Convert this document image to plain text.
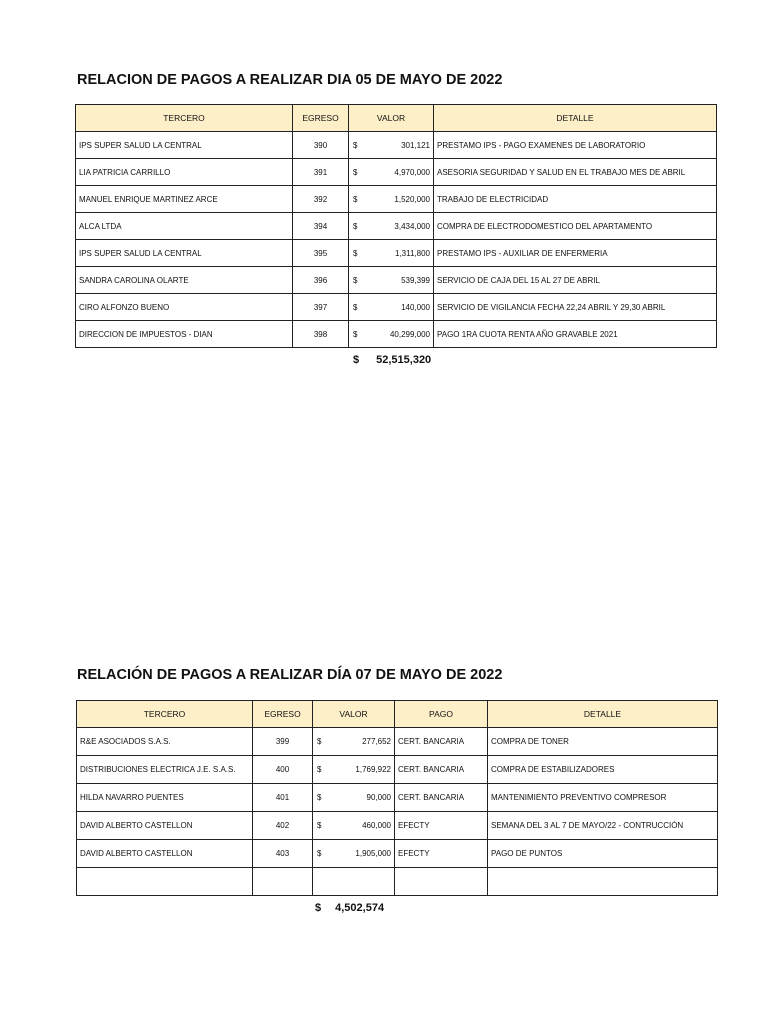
RELACION DE PAGOS A REALIZAR DIA 05 DE MAYO DE 2022
TERCERO	EGRESO	VALOR	DETALLE
IPS SUPER SALUD LA CENTRAL	390	$ 301,121	PRESTAMO IPS - PAGO EXAMENES DE LABORATORIO
LIA PATRICIA CARRILLO	391	$ 4,970,000	ASESORIA SEGURIDAD Y SALUD EN EL TRABAJO MES DE ABRIL
MANUEL ENRIQUE MARTINEZ ARCE	392	$ 1,520,000	TRABAJO DE ELECTRICIDAD
ALCA LTDA	394	$ 3,434,000	COMPRA DE ELECTRODOMESTICO DEL APARTAMENTO
IPS SUPER SALUD LA CENTRAL	395	$ 1,311,800	PRESTAMO IPS - AUXILIAR DE ENFERMERIA
SANDRA CAROLINA OLARTE	396	$ 539,399	SERVICIO DE CAJA DEL 15 AL 27 DE ABRIL
CIRO ALFONZO BUENO	397	$ 140,000	SERVICIO DE VIGILANCIA FECHA 22,24 ABRIL Y 29,30 ABRIL
DIRECCION DE IMPUESTOS - DIAN	398	$ 40,299,000	PAGO 1RA CUOTA RENTA AÑO GRAVABLE 2021
$ 52,515,320
RELACIÓN DE PAGOS A REALIZAR DÍA 07 DE MAYO DE 2022
TERCERO	EGRESO	VALOR	PAGO	DETALLE
R&E ASOCIADOS S.A.S.	399	$ 277,652	CERT. BANCARIA	COMPRA DE TONER
DISTRIBUCIONES ELECTRICA J.E. S.A.S.	400	$ 1,769,922	CERT. BANCARIA	COMPRA DE ESTABILIZADORES
HILDA NAVARRO PUENTES	401	$ 90,000	CERT. BANCARIA	MANTENIMIENTO PREVENTIVO COMPRESOR
DAVID ALBERTO CASTELLON	402	$ 460,000	EFECTY	SEMANA DEL 3 AL 7 DE MAYO/22 - CONTRUCCIÓN
DAVID ALBERTO CASTELLON	403	$ 1,905,000	EFECTY	PAGO DE PUNTOS

$ 4,502,574
